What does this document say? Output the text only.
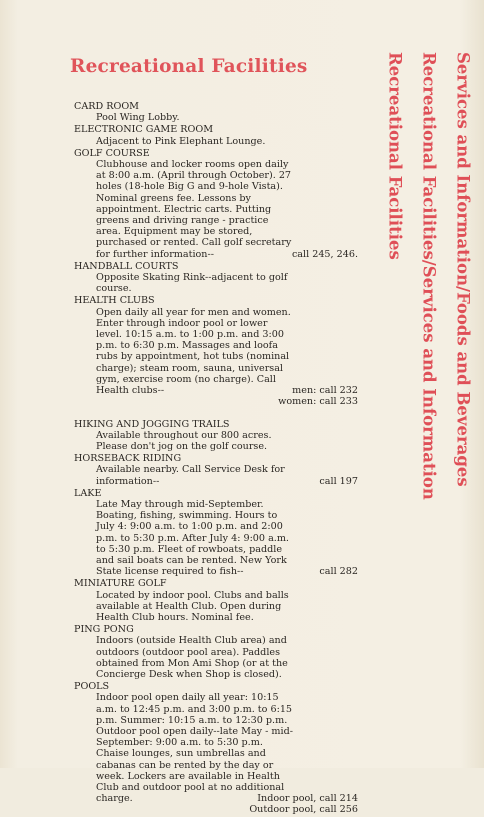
Recreational Facilities	Services and Information/Foods and Beverages
Recreational Facilities/Services and Information
Recreational Facilities
CARD ROOM
Pool Wing Lobby.
ELECTRONIC GAME ROOM
Adjacent to Pink Elephant Lounge.
GOLF COURSE
Clubhouse and locker rooms open daily at 8:00 a.m. (April through October). 27 holes (18-hole Big G and 9-hole Vista). Nominal greens fee. Lessons by appointment. Electric carts. Putting greens and driving range - practice area. Equipment may be stored, purchased or rented. Call golf secretary for further information--	call 245, 246.
HANDBALL COURTS
Opposite Skating Rink--adjacent to golf course.
HEALTH CLUBS
Open daily all year for men and women. Enter through indoor pool or lower level. 10:15 a.m. to 1:00 p.m. and 3:00 p.m. to 6:30 p.m. Massages and loofa rubs by appointment, hot tubs (nominal charge); steam room, sauna, universal gym, exercise room (no charge). Call Health clubs--	men: call 232
women: call 233
HIKING AND JOGGING TRAILS
Available throughout our 800 acres. Please don't jog on the golf course.
HORSEBACK RIDING
Available nearby. Call Service Desk for information--	call 197
LAKE
Late May through mid-September. Boating, fishing, swimming. Hours to July 4: 9:00 a.m. to 1:00 p.m. and 2:00 p.m. to 5:30 p.m. After July 4: 9:00 a.m. to 5:30 p.m. Fleet of rowboats, paddle and sail boats can be rented. New York State license required to fish--	call 282
MINIATURE GOLF
Located by indoor pool. Clubs and balls available at Health Club. Open during Health Club hours. Nominal fee.
PING PONG
Indoors (outside Health Club area) and outdoors (outdoor pool area). Paddles obtained from Mon Ami Shop (or at the Concierge Desk when Shop is closed).
POOLS
Indoor pool open daily all year: 10:15 a.m. to 12:45 p.m. and 3:00 p.m. to 6:15 p.m. Summer: 10:15 a.m. to 12:30 p.m. Outdoor pool open daily--late May - mid-September: 9:00 a.m. to 5:30 p.m. Chaise lounges, sun umbrellas and cabanas can be rented by the day or week. Lockers are available in Health Club and outdoor pool at no additional charge.	Indoor pool, call 214
Outdoor pool, call 256
